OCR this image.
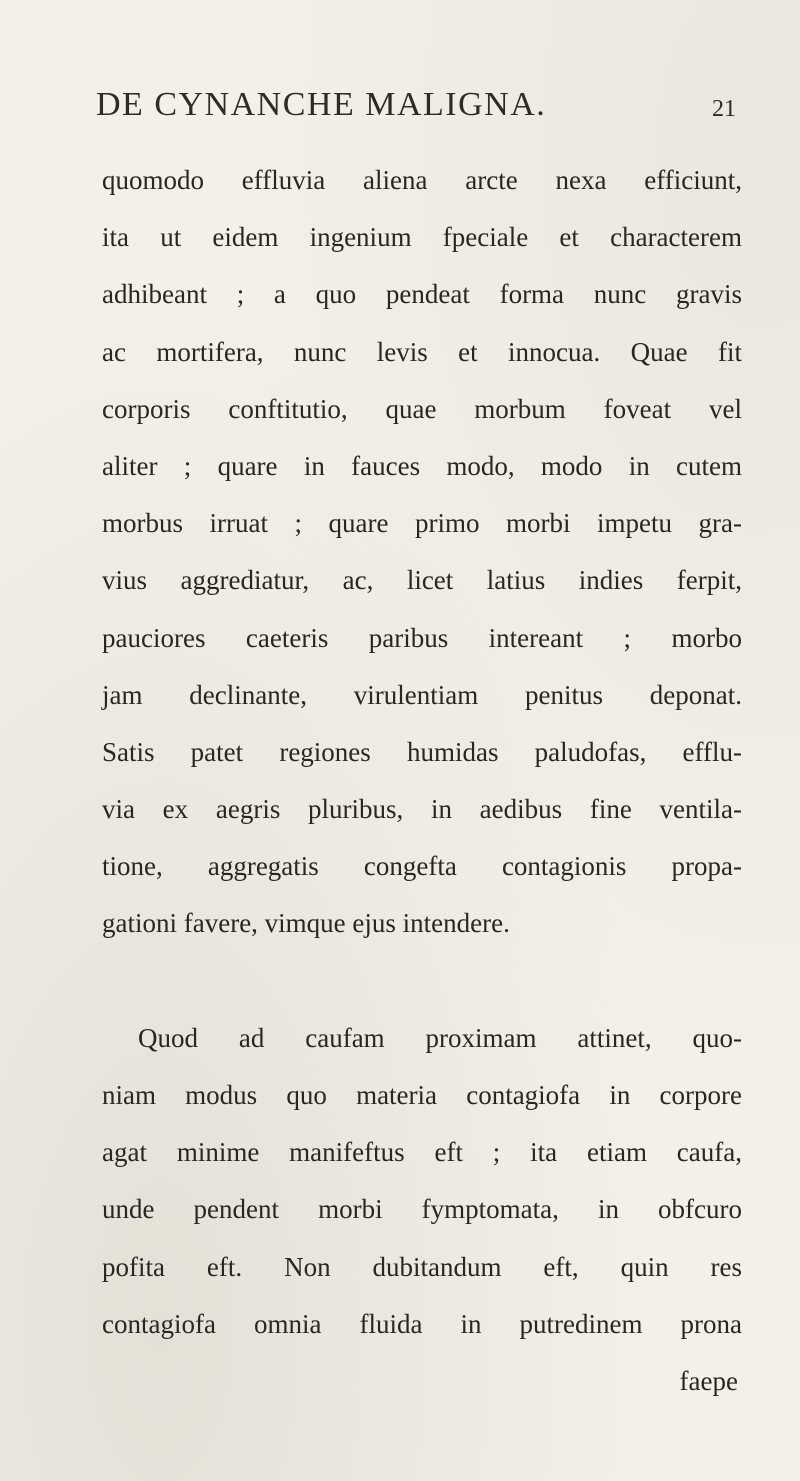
DE CYNANCHE MALIGNA.	21
quomodo effluvia aliena arcte nexa efficiunt,
ita ut eidem ingenium fpeciale et characterem
adhibeant ; a quo pendeat forma nunc gravis
ac mortifera, nunc levis et innocua. Quae fit
corporis conftitutio, quae morbum foveat vel
aliter ; quare in fauces modo, modo in cutem
morbus irruat ; quare primo morbi impetu gra-
vius aggrediatur, ac, licet latius indies ferpit,
pauciores caeteris paribus intereant ; morbo
jam declinante, virulentiam penitus deponat.
Satis patet regiones humidas paludofas, efflu-
via ex aegris pluribus, in aedibus fine ventila-
tione, aggregatis congefta contagionis propa-
gationi favere, vimque ejus intendere.
Quod ad caufam proximam attinet, quo-
niam modus quo materia contagiofa in corpore
agat minime manifeftus eft ; ita etiam caufa,
unde pendent morbi fymptomata, in obfcuro
pofita eft. Non dubitandum eft, quin res
contagiofa omnia fluida in putredinem prona
faepe
